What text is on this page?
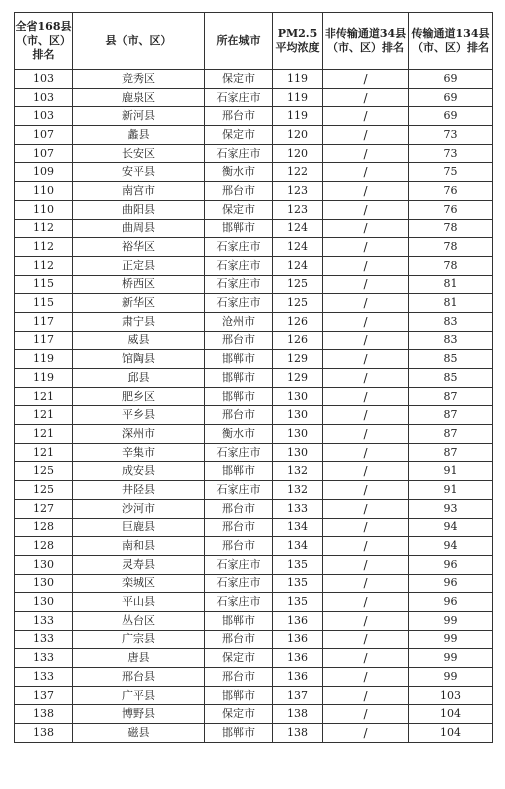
全省168县（市、区）排名	县（市、区）	所在城市	PM2.5平均浓度	非传输通道34县（市、区）排名	传输通道134县（市、区）排名
103	竞秀区	保定市	119	/	69
103	鹿泉区	石家庄市	119	/	69
103	新河县	邢台市	119	/	69
107	蠡县	保定市	120	/	73
107	长安区	石家庄市	120	/	73
109	安平县	衡水市	122	/	75
110	南宫市	邢台市	123	/	76
110	曲阳县	保定市	123	/	76
112	曲周县	邯郸市	124	/	78
112	裕华区	石家庄市	124	/	78
112	正定县	石家庄市	124	/	78
115	桥西区	石家庄市	125	/	81
115	新华区	石家庄市	125	/	81
117	肃宁县	沧州市	126	/	83
117	威县	邢台市	126	/	83
119	馆陶县	邯郸市	129	/	85
119	邱县	邯郸市	129	/	85
121	肥乡区	邯郸市	130	/	87
121	平乡县	邢台市	130	/	87
121	深州市	衡水市	130	/	87
121	辛集市	石家庄市	130	/	87
125	成安县	邯郸市	132	/	91
125	井陉县	石家庄市	132	/	91
127	沙河市	邢台市	133	/	93
128	巨鹿县	邢台市	134	/	94
128	南和县	邢台市	134	/	94
130	灵寿县	石家庄市	135	/	96
130	栾城区	石家庄市	135	/	96
130	平山县	石家庄市	135	/	96
133	丛台区	邯郸市	136	/	99
133	广宗县	邢台市	136	/	99
133	唐县	保定市	136	/	99
133	邢台县	邢台市	136	/	99
137	广平县	邯郸市	137	/	103
138	博野县	保定市	138	/	104
138	磁县	邯郸市	138	/	104
